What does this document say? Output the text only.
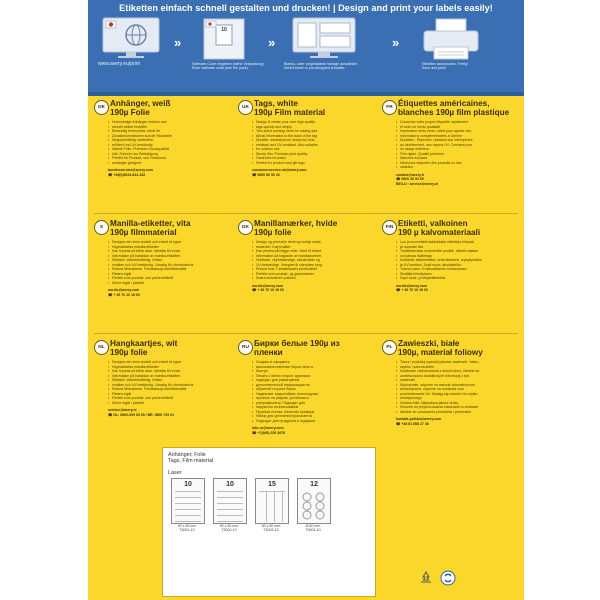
Etiketten einfach schnell gestalten und drucken! | Design and print your labels easily!
www.avery.eu/print
»
10
Software-Code eingeben (siehe Verpackung).
Enter software code (see the pack).
»
Blanko- oder vorgestaltete Vorlage auswählen.
Select blank or pre-designed template.
»
Etiketten ausdrucken. Fertig!
Save and print!
DE Anhänger, weiß
190µ Folie
• Hochwertige Anhänger einfach und
• schnell selbst erstellen
• Beidseitig bedruckbar, ideal für
• Zusatzinformationen auf der Rückseite
• Strapazierfähig: wetterfest,
• reißfest und UV-beständig
• Stabile Folie. Premium-Druckqualität
• Inkl. Schnüre zur Befestigung
• Perfekt für Produkt- und Geschenk-
• anhänger geeignet
bundesservice@avery.com
☎ +49(0)8024-641-342
UK Tags, white
190µ Film material
• Design & create your own high-quality
• tags quickly and simply
• Two-sided printing: ideal for adding add-
• itional information to the back of the tag
• Durable: weatherproof, tearproof, tear-
• resistant and UV-resistant. Also suitable
• for outdoor use
• Sturdy film. Premium print quality
• Fasteners included
• Perfect for product and gift tags
consumerservice-uk@avery.com
☎ 0800 80 50 20
FR Étiquettes américaines,
blanches 190µ film plastique
• Concevez votre propre étiquette rapidement
• et avec un rendu qualitatif
• Impression recto-verso, idéal pour ajouter des
• informations complémentaires à l'arrière
• Durables : Étanches, résistant aux intempéries,
• au déchirement, aux rayons UV. Convient pour
• un usage extérieur
• Film rigide. Qualité premium
• Attaches incluses
• Idéal pour étiqueter des produits ou des
• cadeaux
contact@avery.fr
☎ 0800 36 54 69
BE/LU : service@avery.nl
S Manilla-etiketter, vita
190µ filmmaterial
• Designa och skriv snabbt och enkelt ut egna
• högkvalitativa manilla-etiketter
• Kan tryckas på båda sidor. Idealisk för extra
• information på baksidan av manilla-etiketten
• Slitstark, väderbeständig, rivfast,
• rivsäker och UV-beständig. Lämplig för utomhusbruk
• Robust filmmaterial. Förstklassig utskriftskvalitet
• Fästen ingår
• Perfekt som produkt- och presentetikett
• Snöre ingår i paketet
nordic@avery.com
☎ + 45 70 10 18 00
DK Manillamærker, hvide
190µ folie
• Design og print selv nemt og hurtigt manil-
• lamærker i høj kvalitet
• Kan printes på begge sider. Ideel til ekstra
• information på bagsiden af manillamærket
• Holdbare, vejrbestandige, sønderslide og
• UV-bestandige. Velegnet til udendørs brug
• Robust folie. Førsteklasses printkvalitet
• Perfekt som produkt- og gavemærker
• Snøre inkluderet i pakken
nordic@avery.com
☎ + 45 70 10 18 00
FIN Etiketti, valkoinen
190 µ kalvomateriaali
• Luo ja suunnittele laadukkaita etiketteja helposti
• ja nopeasti itse
• Tulostettavissa molemmille puolille, etiketin taakse
• voi painaa lisätietoja
• Kestävät: säänkestävä, vedenkestävä, repeytymätön
• ja UV-kestävä. Sopii myös ulkokäyttöön
• Tukeva kalvo. Ensiluokkainen tulostuslaatu
• Sisältää kiinnityksen
• Sopii tuote- ja lahjaetiketeiksi
nordic@avery.com
☎ + 45 70 10 18 00
NL Hangkaartjes, wit
190µ folie
• Designa och skriv snabbt och enkelt ut egna
• högkvalitativa manilla-etiketter
• Kan tryckas på båda sidor. Idealisk för extra
• information på baksidan av manilla-etiketten
• Slitstark, väderbeständig, rivfast,
• rivsäker och UV-beständig. Lämplig för utomhusbruk
• Robust filmmaterial. Förstklassig utskriftskvalitet
• Fästen ingår
• Perfekt som produkt- och presentetikett
• Snöre ingår i paketet
service@avery.nl
☎ NL: 0800-099 33 90 / BE: 0800 725 01
RU Бирки белые 190µ из
пленки
• Создать и оформить
• высококачественные бирки легко и
• быстро
• Печать с обеих сторон: идеально
• подходит для размещения
• дополнительной информации на
• обратной стороне бирки
• Надежные: водостойкие, всепогодные,
• прочные на разрыв, устойчивы к
• ультрафиолету. Подходят для
• наружного использования
• Прочная пленка. Качество премиум
• Набор для крепления прилагается
• Подходит для продуктов и подарков
info-ru@avery.com
☎ +7(495) 226 3676
PL Zawieszki, białe
190µ, materiał foliowy
• Twórz i projektuj wysokiej jakości zawieszki - łatwo,
• szybko i samodzielnie
• Możliwość zadrukowania z dwóch stron, idealne do
• zamieszczania dodatkowych informacji z tyłu
• zawieszki
• Wytrzymałe, odporne na warunki atmosferyczne,
• wodoodporne, odporne na rozdarcia oraz
• promieniowanie UV. Nadają się również do użytku
• zewnętrznego
• Solidna folia. Najwyższa jakość druku
• Sznurek do przymocowania zawieszek w zestawie
• Idealne do oznaczania produktów i prezentów
kontakt-polska@avery.com
☎ +48 61 898 27 46
Anhänger, Folie
Tags, Film material
Laser
10
90 x 50 mm
T3001-10
10
90 x 50 mm
T3002-10
15
50 x 50 mm
T3003-10
12
Ø 60 mm
T3004-10
